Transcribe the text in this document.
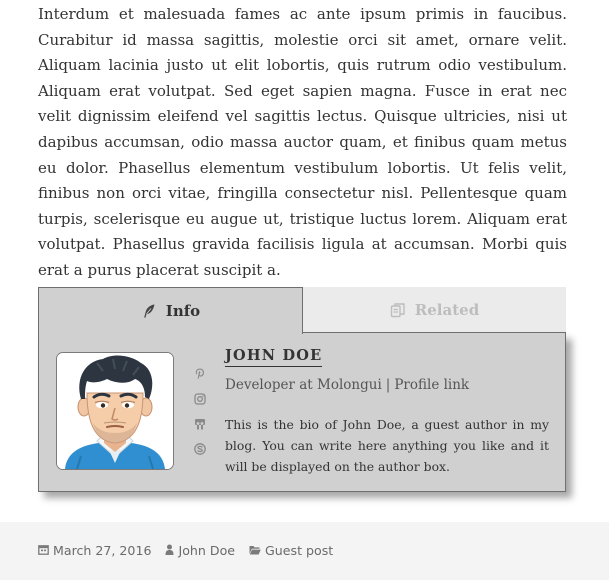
Interdum et malesuada fames ac ante ipsum primis in faucibus. Curabitur id massa sagittis, molestie orci sit amet, ornare velit. Aliquam lacinia justo ut elit lobortis, quis rutrum odio vestibulum. Aliquam erat volutpat. Sed eget sapien magna. Fusce in erat nec velit dignissim eleifend vel sagittis lectus. Quisque ultricies, nisi ut dapibus accumsan, odio massa auctor quam, et finibus quam metus eu dolor. Phasellus elementum vestibulum lobortis. Ut felis velit, finibus non orci vitae, fringilla consectetur nisl. Pellentesque quam turpis, scelerisque eu augue ut, tristique luctus lorem. Aliquam erat volutpat. Phasellus gravida facilisis ligula at accumsan. Morbi quis erat a purus placerat suscipit a.

Info	Related
JOHN DOE
Developer at Molongui | Profile link

This is the bio of John Doe, a guest author in my blog. You can write here anything you like and it will be displayed on the author box.

March 27, 2016 John Doe Guest post
